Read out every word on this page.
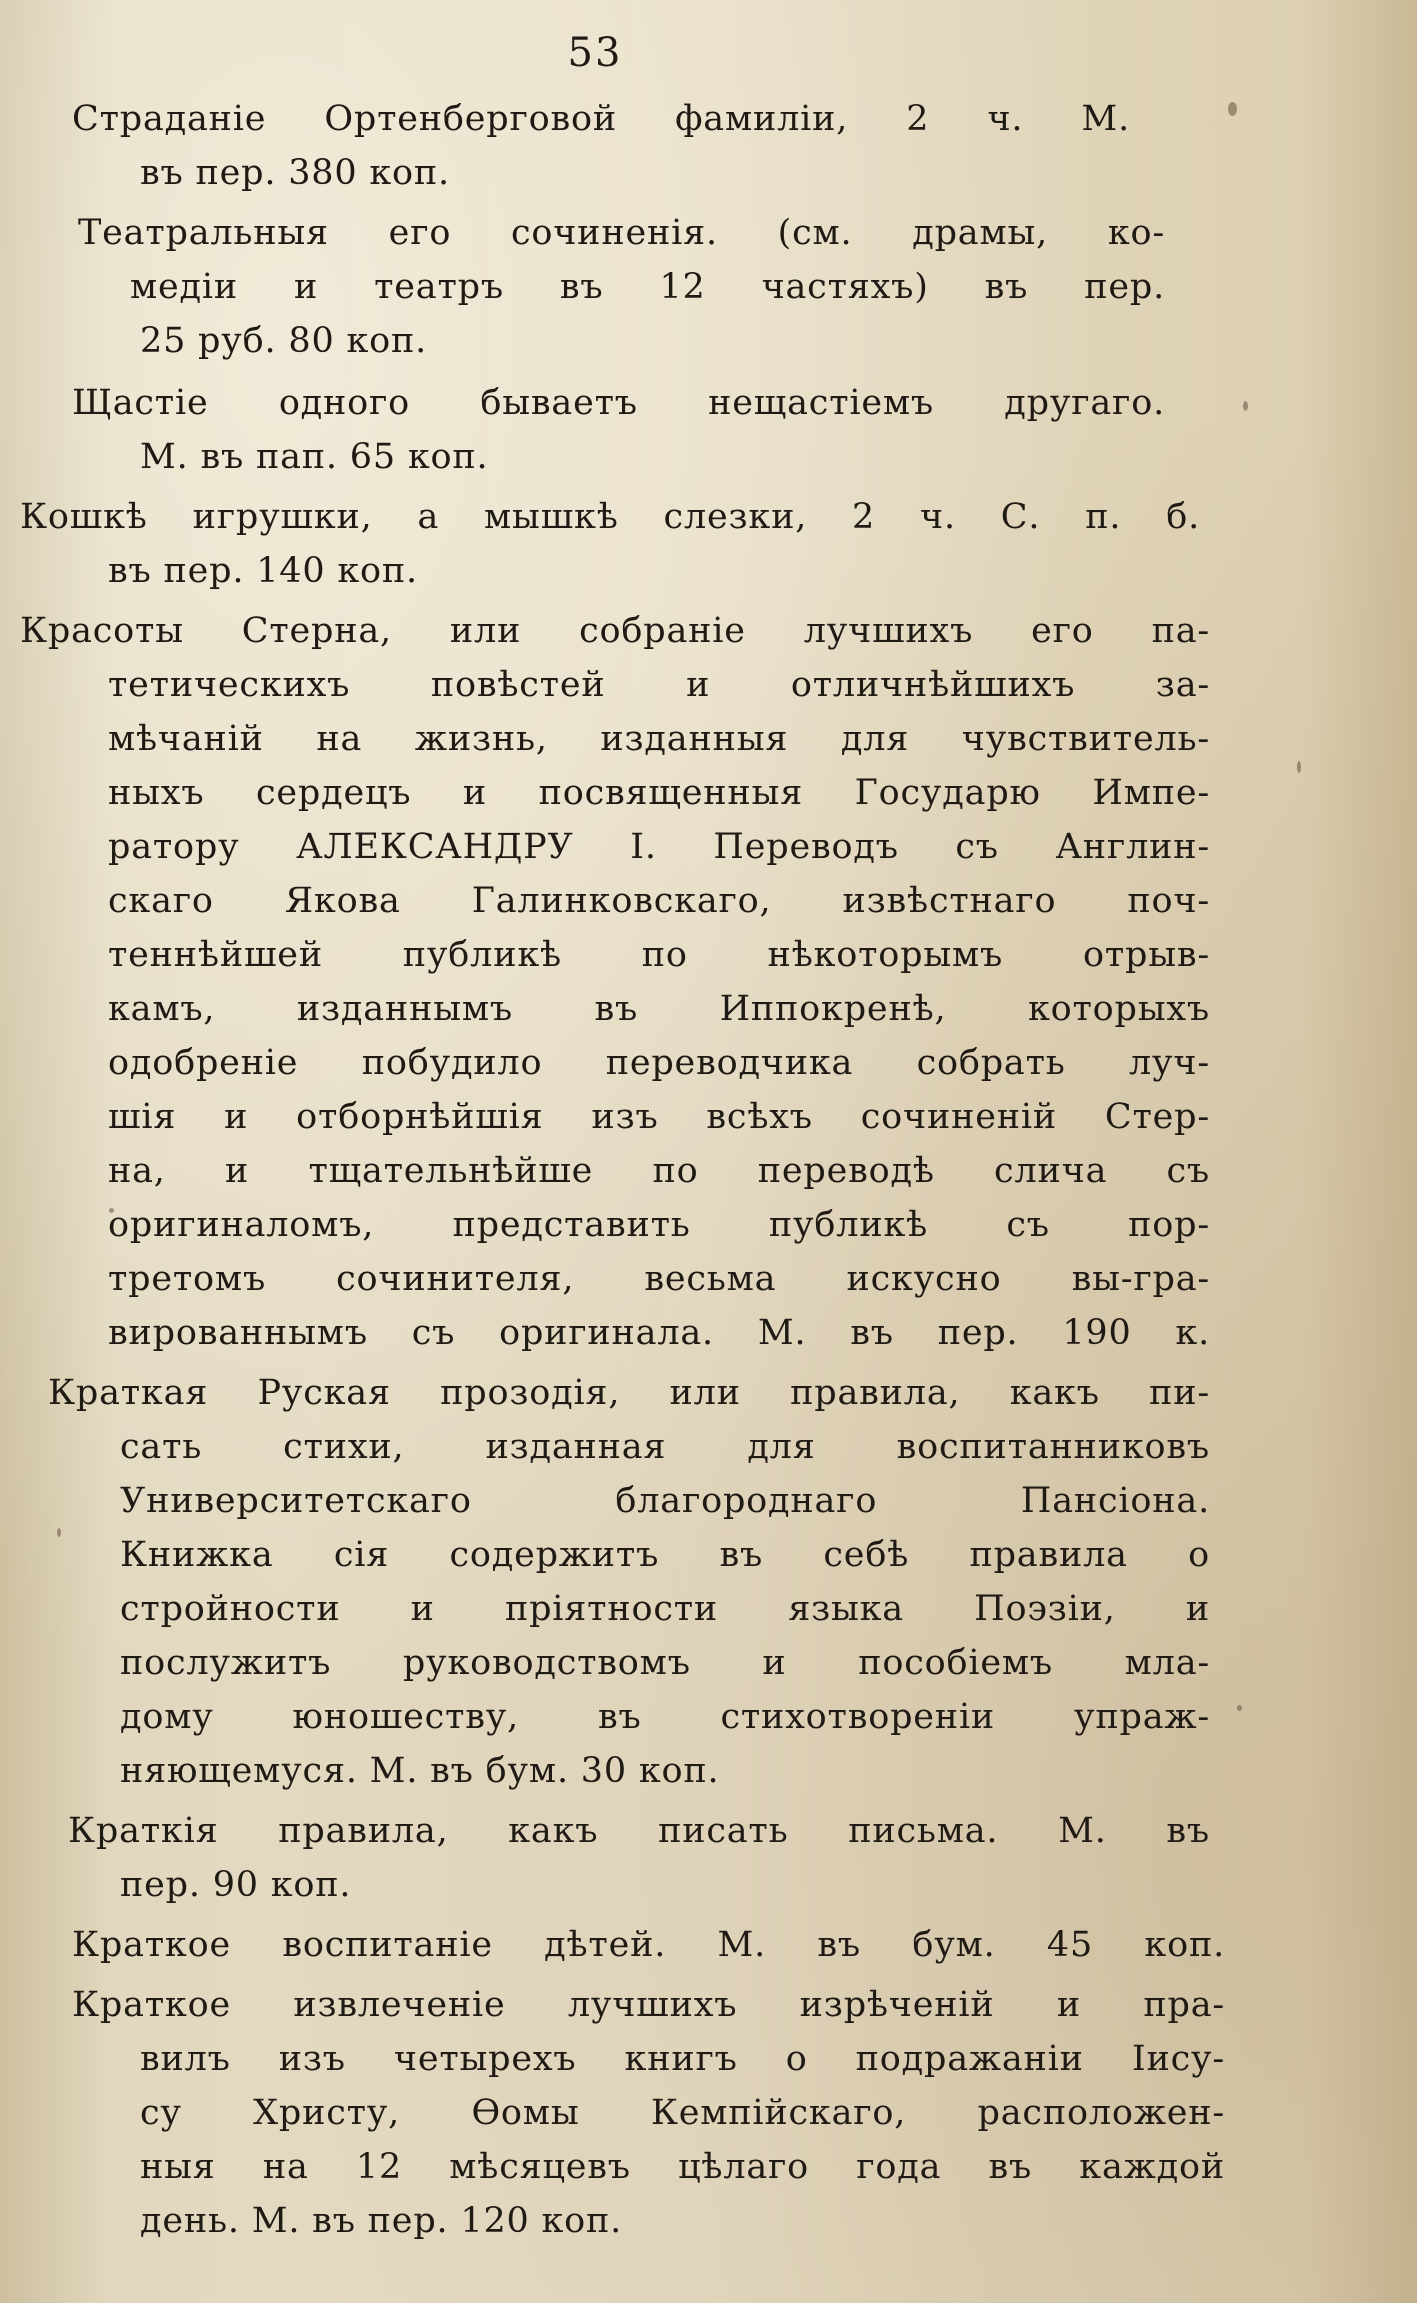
53
Страданіе Ортенберговой фамиліи, 2 ч. М.
въ пер. 380 коп.
Театральныя его сочиненія. (см. драмы, ко-
медіи и театръ въ 12 частяхъ) въ пер.
25 руб. 80 коп.
Щастіе одного бываетъ нещастіемъ другаго.
М. въ пап. 65 коп.
Кошкѣ игрушки, а мышкѣ слезки, 2 ч. С. п. б.
въ пер. 140 коп.
Красоты Стерна, или собраніе лучшихъ его па-
тетическихъ повѣстей и отличнѣйшихъ за-
мѣчаній на жизнь, изданныя для чувствитель-
ныхъ сердецъ и посвященныя Государю Импе-
ратору АЛЕКСАНДРУ I. Переводъ съ Англин-
скаго Якова Галинковскаго, извѣстнаго поч-
теннѣйшей публикѣ по нѣкоторымъ отрыв-
камъ, изданнымъ въ Иппокренѣ, которыхъ
одобреніе побудило переводчика собрать луч-
шія и отборнѣйшія изъ всѣхъ сочиненій Стер-
на, и тщательнѣйше по переводѣ слича съ
оригиналомъ, представить публикѣ съ пор-
третомъ сочинителя, весьма искусно вы-гра-
вированнымъ съ оригинала. М. въ пер. 190 к.
Краткая Руская прозодія, или правила, какъ пи-
сать стихи, изданная для воспитанниковъ
Университетскаго благороднаго Пансіона.
Книжка сія содержитъ въ себѣ правила о
стройности и пріятности языка Поэзіи, и
послужитъ руководствомъ и пособіемъ мла-
дому юношеству, въ стихотвореніи упраж-
няющемуся. М. въ бум. 30 коп.
Краткія правила, какъ писать письма. М. въ
пер. 90 коп.
Краткое воспитаніе дѣтей. М. въ бум. 45 коп.
Краткое извлеченіе лучшихъ изрѣченій и пра-
вилъ изъ четырехъ книгъ о подражаніи Іису-
су Христу, Ѳомы Кемпійскаго, расположен-
ныя на 12 мѣсяцевъ цѣлаго года въ каждой
день. М. въ пер. 120 коп.
